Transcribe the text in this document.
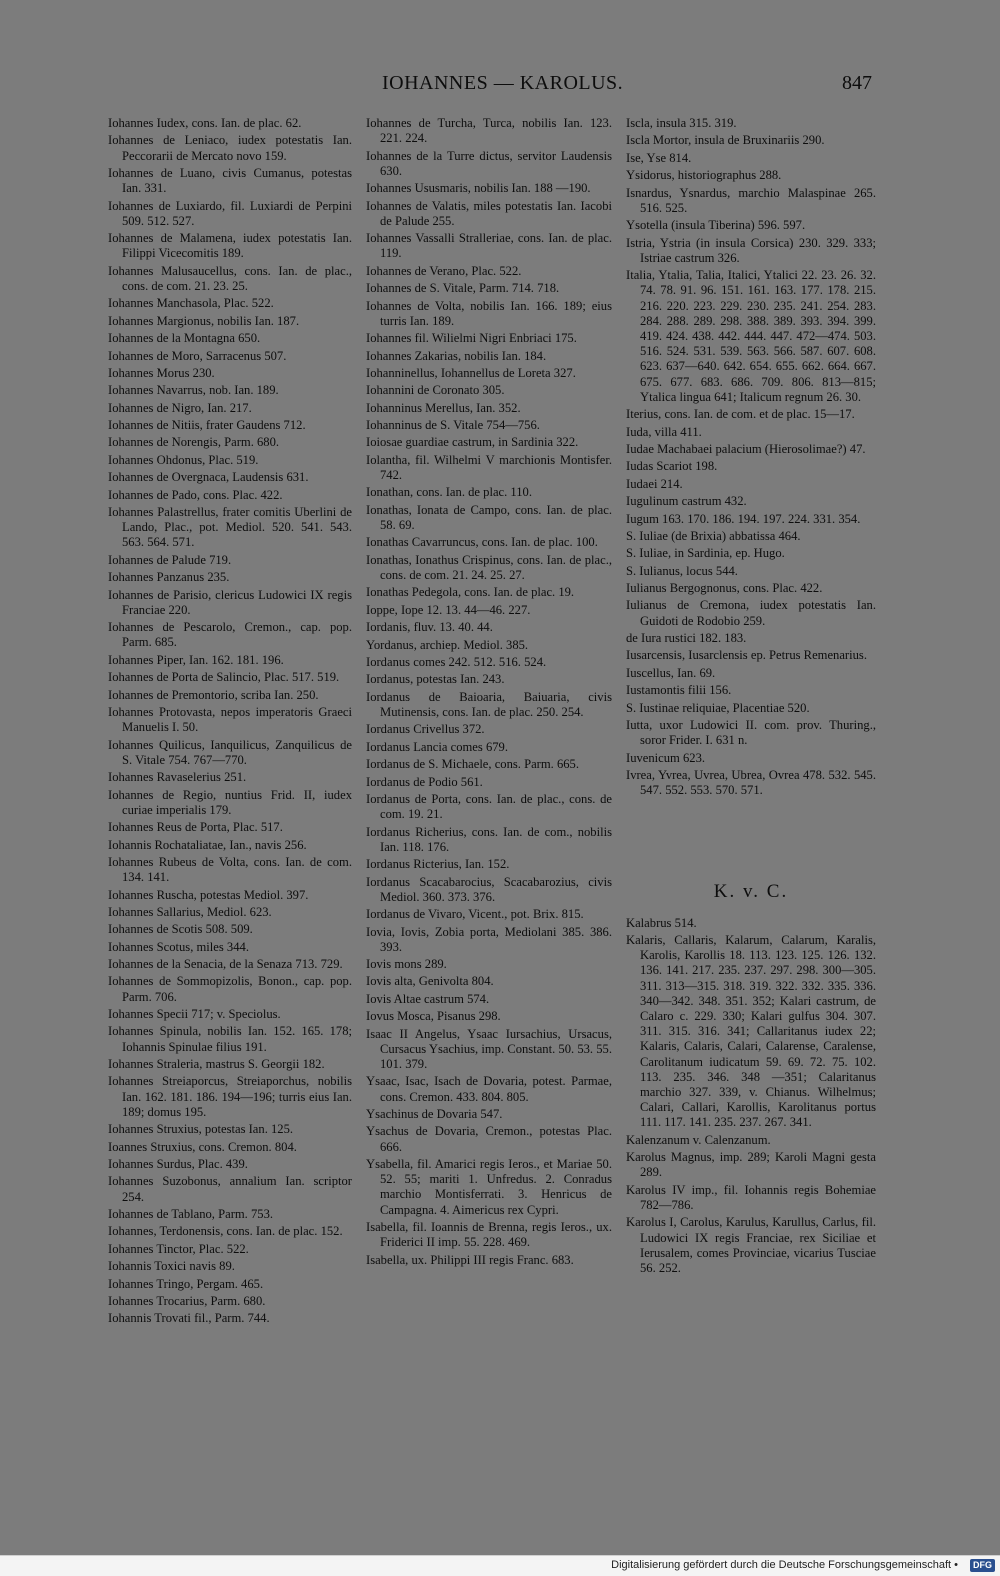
IOHANNES — KAROLUS.	847
Iohannes Iudex, cons. Ian. de plac. 62.
Iohannes de Leniaco, iudex potestatis Ian. Peccorarii de Mercato novo 159.
Iohannes de Luano, civis Cumanus, potestas Ian. 331.
Iohannes de Luxiardo, fil. Luxiardi de Perpini 509. 512. 527.
Iohannes de Malamena, iudex potestatis Ian. Filippi Vicecomitis 189.
Iohannes Malusaucellus, cons. Ian. de plac., cons. de com. 21. 23. 25.
Iohannes Manchasola, Plac. 522.
Iohannes Margionus, nobilis Ian. 187.
Iohannes de la Montagna 650.
Iohannes de Moro, Sarracenus 507.
Iohannes Morus 230.
Iohannes Navarrus, nob. Ian. 189.
Iohannes de Nigro, Ian. 217.
Iohannes de Nitiis, frater Gaudens 712.
Iohannes de Norengis, Parm. 680.
Iohannes Ohdonus, Plac. 519.
Iohannes de Overgnaca, Laudensis 631.
Iohannes de Pado, cons. Plac. 422.
Iohannes Palastrellus, frater comitis Uberlini de Lando, Plac., pot. Mediol. 520. 541. 543. 563. 564. 571.
Iohannes de Palude 719.
Iohannes Panzanus 235.
Iohannes de Parisio, clericus Ludowici IX regis Franciae 220.
Iohannes de Pescarolo, Cremon., cap. pop. Parm. 685.
Iohannes Piper, Ian. 162. 181. 196.
Iohannes de Porta de Salincio, Plac. 517. 519.
Iohannes de Premontorio, scriba Ian. 250.
Iohannes Protovasta, nepos imperatoris Graeci Manuelis I. 50.
Iohannes Quilicus, Ianquilicus, Zanquilicus de S. Vitale 754. 767—770.
Iohannes Ravaselerius 251.
Iohannes de Regio, nuntius Frid. II, iudex curiae imperialis 179.
Iohannes Reus de Porta, Plac. 517.
Iohannis Rochataliatae, Ian., navis 256.
Iohannes Rubeus de Volta, cons. Ian. de com. 134. 141.
Iohannes Ruscha, potestas Mediol. 397.
Iohannes Sallarius, Mediol. 623.
Iohannes de Scotis 508. 509.
Iohannes Scotus, miles 344.
Iohannes de la Senacia, de la Senaza 713. 729.
Iohannes de Sommopizolis, Bonon., cap. pop. Parm. 706.
Iohannes Specii 717; v. Speciolus.
Iohannes Spinula, nobilis Ian. 152. 165. 178; Iohannis Spinulae filius 191.
Iohannes Straleria, mastrus S. Georgii 182.
Iohannes Streiaporcus, Streiaporchus, nobilis Ian. 162. 181. 186. 194—196; turris eius Ian. 189; domus 195.
Iohannes Struxius, potestas Ian. 125.
Ioannes Struxius, cons. Cremon. 804.
Iohannes Surdus, Plac. 439.
Iohannes Suzobonus, annalium Ian. scriptor 254.
Iohannes de Tablano, Parm. 753.
Iohannes, Terdonensis, cons. Ian. de plac. 152.
Iohannes Tinctor, Plac. 522.
Iohannis Toxici navis 89.
Iohannes Tringo, Pergam. 465.
Iohannes Trocarius, Parm. 680.
Iohannis Trovati fil., Parm. 744.
Iohannes de Turcha, Turca, nobilis Ian. 123. 221. 224.
Iohannes de la Turre dictus, servitor Laudensis 630.
Iohannes Ususmaris, nobilis Ian. 188 —190.
Iohannes de Valatis, miles potestatis Ian. Iacobi de Palude 255.
Iohannes Vassalli Stralleriae, cons. Ian. de plac. 119.
Iohannes de Verano, Plac. 522.
Iohannes de S. Vitale, Parm. 714. 718.
Iohannes de Volta, nobilis Ian. 166. 189; eius turris Ian. 189.
Iohannes fil. Wilielmi Nigri Enbriaci 175.
Iohannes Zakarias, nobilis Ian. 184.
Iohanninellus, Iohannellus de Loreta 327.
Iohannini de Coronato 305.
Iohanninus Merellus, Ian. 352.
Iohanninus de S. Vitale 754—756.
Ioiosae guardiae castrum, in Sardinia 322.
Iolantha, fil. Wilhelmi V marchionis Montisfer. 742.
Ionathan, cons. Ian. de plac. 110.
Ionathas, Ionata de Campo, cons. Ian. de plac. 58. 69.
Ionathas Cavarruncus, cons. Ian. de plac. 100.
Ionathas, Ionathus Crispinus, cons. Ian. de plac., cons. de com. 21. 24. 25. 27.
Ionathas Pedegola, cons. Ian. de plac. 19.
Ioppe, Iope 12. 13. 44—46. 227.
Iordanis, fluv. 13. 40. 44.
Yordanus, archiep. Mediol. 385.
Iordanus comes 242. 512. 516. 524.
Iordanus, potestas Ian. 243.
Iordanus de Baioaria, Baiuaria, civis Mutinensis, cons. Ian. de plac. 250. 254.
Iordanus Crivellus 372.
Iordanus Lancia comes 679.
Iordanus de S. Michaele, cons. Parm. 665.
Iordanus de Podio 561.
Iordanus de Porta, cons. Ian. de plac., cons. de com. 19. 21.
Iordanus Richerius, cons. Ian. de com., nobilis Ian. 118. 176.
Iordanus Ricterius, Ian. 152.
Iordanus Scacabarocius, Scacabarozius, civis Mediol. 360. 373. 376.
Iordanus de Vivaro, Vicent., pot. Brix. 815.
Iovia, Iovis, Zobia porta, Mediolani 385. 386. 393.
Iovis mons 289.
Iovis alta, Genivolta 804.
Iovis Altae castrum 574.
Iovus Mosca, Pisanus 298.
Isaac II Angelus, Ysaac Iursachius, Ursacus, Cursacus Ysachius, imp. Constant. 50. 53. 55. 101. 379.
Ysaac, Isac, Isach de Dovaria, potest. Parmae, cons. Cremon. 433. 804. 805.
Ysachinus de Dovaria 547.
Ysachus de Dovaria, Cremon., potestas Plac. 666.
Ysabella, fil. Amarici regis Ieros., et Mariae 50. 52. 55; mariti 1. Unfredus. 2. Conradus marchio Montisferrati. 3. Henricus de Campagna. 4. Aimericus rex Cypri.
Isabella, fil. Ioannis de Brenna, regis Ieros., ux. Friderici II imp. 55. 228. 469.
Isabella, ux. Philippi III regis Franc. 683.
Iscla, insula 315. 319.
Iscla Mortor, insula de Bruxinariis 290.
Ise, Yse 814.
Ysidorus, historiographus 288.
Isnardus, Ysnardus, marchio Malaspinae 265. 516. 525.
Ysotella (insula Tiberina) 596. 597.
Istria, Ystria (in insula Corsica) 230. 329. 333; Istriae castrum 326.
Italia, Ytalia, Talia, Italici, Ytalici 22. 23. 26. 32. 74. 78. 91. 96. 151. 161. 163. 177. 178. 215. 216. 220. 223. 229. 230. 235. 241. 254. 283. 284. 288. 289. 298. 388. 389. 393. 394. 399. 419. 424. 438. 442. 444. 447. 472—474. 503. 516. 524. 531. 539. 563. 566. 587. 607. 608. 623. 637—640. 642. 654. 655. 662. 664. 667. 675. 677. 683. 686. 709. 806. 813—815; Ytalica lingua 641; Italicum regnum 26. 30.
Iterius, cons. Ian. de com. et de plac. 15—17.
Iuda, villa 411.
Iudae Machabaei palacium (Hierosolimae?) 47.
Iudas Scariot 198.
Iudaei 214.
Iugulinum castrum 432.
Iugum 163. 170. 186. 194. 197. 224. 331. 354.
S. Iuliae (de Brixia) abbatissa 464.
S. Iuliae, in Sardinia, ep. Hugo.
S. Iulianus, locus 544.
Iulianus Bergognonus, cons. Plac. 422.
Iulianus de Cremona, iudex potestatis Ian. Guidoti de Rodobio 259.
de Iura rustici 182. 183.
Iusarcensis, Iusarclensis ep. Petrus Remenarius.
Iuscellus, Ian. 69.
Iustamontis filii 156.
S. Iustinae reliquiae, Placentiae 520.
Iutta, uxor Ludowici II. com. prov. Thuring., soror Frider. I. 631 n.
Iuvenicum 623.
Ivrea, Yvrea, Uvrea, Ubrea, Ovrea 478. 532. 545. 547. 552. 553. 570. 571.
K. v. C.
Kalabrus 514.
Kalaris, Callaris, Kalarum, Calarum, Karalis, Karolis, Karollis 18. 113. 123. 125. 126. 132. 136. 141. 217. 235. 237. 297. 298. 300—305. 311. 313—315. 318. 319. 322. 332. 335. 336. 340—342. 348. 351. 352; Kalari castrum, de Calaro c. 229. 330; Kalari gulfus 304. 307. 311. 315. 316. 341; Callaritanus iudex 22; Kalaris, Calaris, Calari, Calarense, Caralense, Carolitanum iudicatum 59. 69. 72. 75. 102. 113. 235. 346. 348 —351; Calaritanus marchio 327. 339, v. Chianus. Wilhelmus; Calari, Callari, Karollis, Karolitanus portus 111. 117. 141. 235. 237. 267. 341.
Kalenzanum v. Calenzanum.
Karolus Magnus, imp. 289; Karoli Magni gesta 289.
Karolus IV imp., fil. Iohannis regis Bohemiae 782—786.
Karolus I, Carolus, Karulus, Karullus, Carlus, fil. Ludowici IX regis Franciae, rex Siciliae et Ierusalem, comes Provinciae, vicarius Tusciae 56. 252.
Digitalisierung gefördert durch die Deutsche Forschungsgemeinschaft •	DFG
